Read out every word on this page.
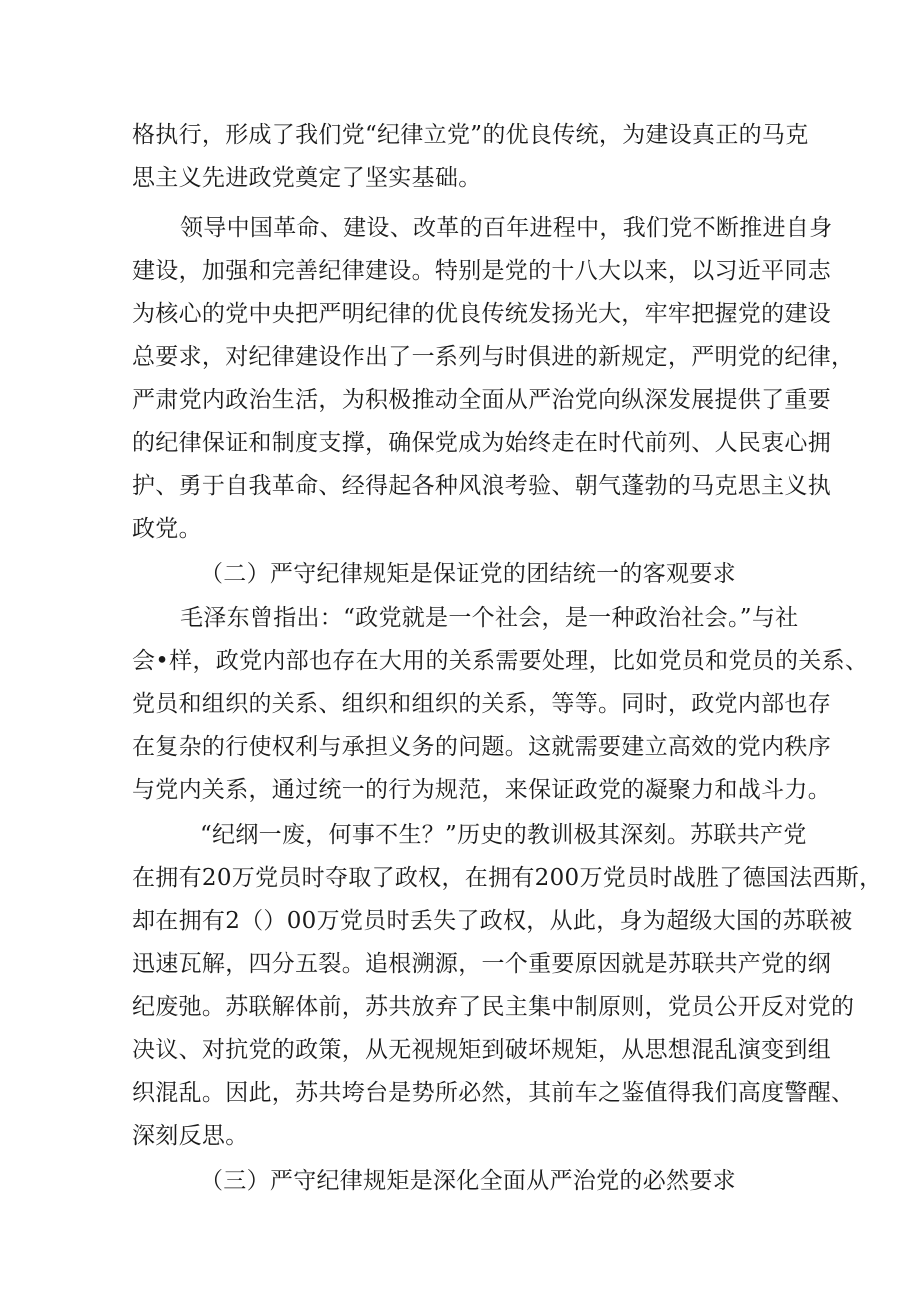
格执行，形成了我们党“纪律立党”的优良传统，为建设真正的马克
思主义先进政党奠定了坚实基础。
领导中国革命、建设、改革的百年进程中，我们党不断推进自身
建设，加强和完善纪律建设。特别是党的十八大以来，以习近平同志
为核心的党中央把严明纪律的优良传统发扬光大，牢牢把握党的建设
总要求，对纪律建设作出了一系列与时俱进的新规定，严明党的纪律，
严肃党内政治生活，为积极推动全面从严治党向纵深发展提供了重要
的纪律保证和制度支撑，确保党成为始终走在时代前列、人民衷心拥
护、勇于自我革命、经得起各种风浪考验、朝气蓬勃的马克思主义执
政党。
（二）严守纪律规矩是保证党的团结统一的客观要求
毛泽东曾指出：“政党就是一个社会，是一种政治社会。”与社
会•样，政党内部也存在大用的关系需要处理，比如党员和党员的关系、
党员和组织的关系、组织和组织的关系，等等。同时，政党内部也存
在复杂的行使权利与承担义务的问题。这就需要建立高效的党内秩序
与党内关系，通过统一的行为规范，来保证政党的凝聚力和战斗力。
“纪纲一废，何事不生？”历史的教训极其深刻。苏联共产党
在拥有20万党员时夺取了政权，在拥有200万党员时战胜了德国法西斯，
却在拥有2（）00万党员时丢失了政权，从此，身为超级大国的苏联被
迅速瓦解，四分五裂。追根溯源，一个重要原因就是苏联共产党的纲
纪废弛。苏联解体前，苏共放弃了民主集中制原则，党员公开反对党的
决议、对抗党的政策，从无视规矩到破坏规矩，从思想混乱演变到组
织混乱。因此，苏共垮台是势所必然，其前车之鉴值得我们高度警醒、
深刻反思。
（三）严守纪律规矩是深化全面从严治党的必然要求
